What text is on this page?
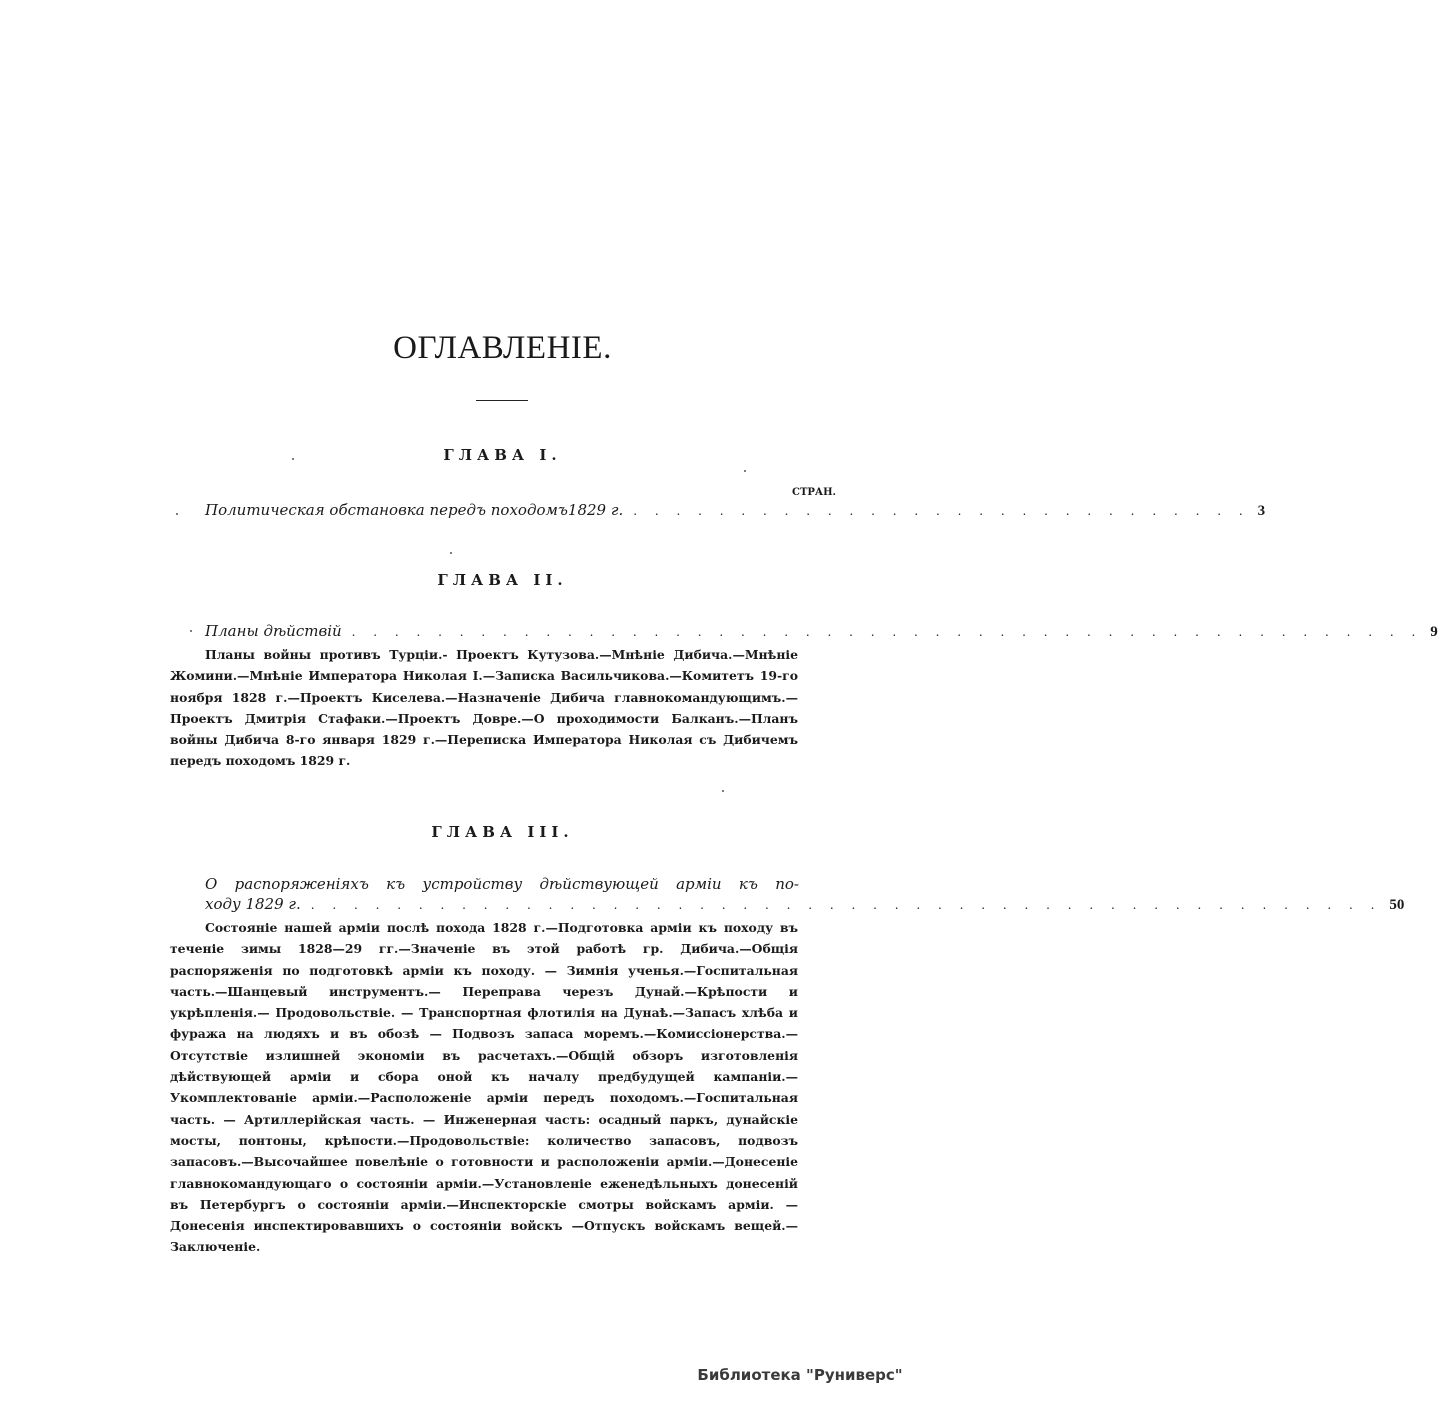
ОГЛАВЛЕНІЕ.
ГЛАВА I.
СТРАН.
Политическая обстановка передъ походомъ1829 г. . . . . . . . . . . . . . . . . . . . . . . . . . . . . . 3
ГЛАВА II.
Планы дѣйствій . . . . . . . . . . . . . . . . . . . . . . . . . . . . . . . . . . . . . . . . . . . . . . . . . . 9
Планы войны противъ Турціи.- Проектъ Кутузова.—Мнѣніе Дибича.—Мнѣніе Жомини.—Мнѣніе Императора Николая I.—Записка Васильчикова.—Комитетъ 19-го ноября 1828 г.—Проектъ Киселева.—Назначеніе Дибича главнокомандующимъ.—Проектъ Дмитрія Стафаки.—Проектъ Довре.—О проходимости Балканъ.—Планъ войны Дибича 8-го января 1829 г.—Переписка Императора Николая съ Дибичемъ передъ походомъ 1829 г.
ГЛАВА III.
О распоряженіяхъ къ устройству дѣйствующей арміи къ по-
ходу 1829 г. . . . . . . . . . . . . . . . . . . . . . . . . . . . . . . . . . . . . . . . . . . . . . . . . . . 50
Состояніе нашей арміи послѣ похода 1828 г.—Подготовка арміи къ походу въ теченіе зимы 1828—29 гг.—Значеніе въ этой работѣ гр. Дибича.—Общія распоряженія по подготовкѣ арміи къ походу. — Зимнія ученья.—Госпитальная часть.—Шанцевый инструментъ.— Переправа черезъ Дунай.—Крѣпости и укрѣпленія.— Продовольствіе. — Транспортная флотилія на Дунаѣ.—Запасъ хлѣба и фуража на людяхъ и въ обозѣ — Подвозъ запаса моремъ.—Комиссіонерства.—Отсутствіе излишней экономіи въ расчетахъ.—Общій обзоръ изготовленія дѣйствующей арміи и сбора оной къ началу предбудущей кампаніи.—Укомплектованіе арміи.—Расположеніе арміи передъ походомъ.—Госпитальная часть. — Артиллерійская часть. — Инженерная часть: осадный паркъ, дунайскіе мосты, понтоны, крѣпости.—Продовольствіе: количество запасовъ, подвозъ запасовъ.—Высочайшее повелѣніе о готовности и расположеніи арміи.—Донесеніе главнокомандующаго о состояніи арміи.—Установленіе еженедѣльныхъ донесеній въ Петербургъ о состояніи арміи.—Инспекторскіе смотры войскамъ арміи. — Донесенія инспектировавшихъ о состояніи войскъ —Отпускъ войскамъ вещей.— Заключеніе.
Библиотека "Руниверс"
